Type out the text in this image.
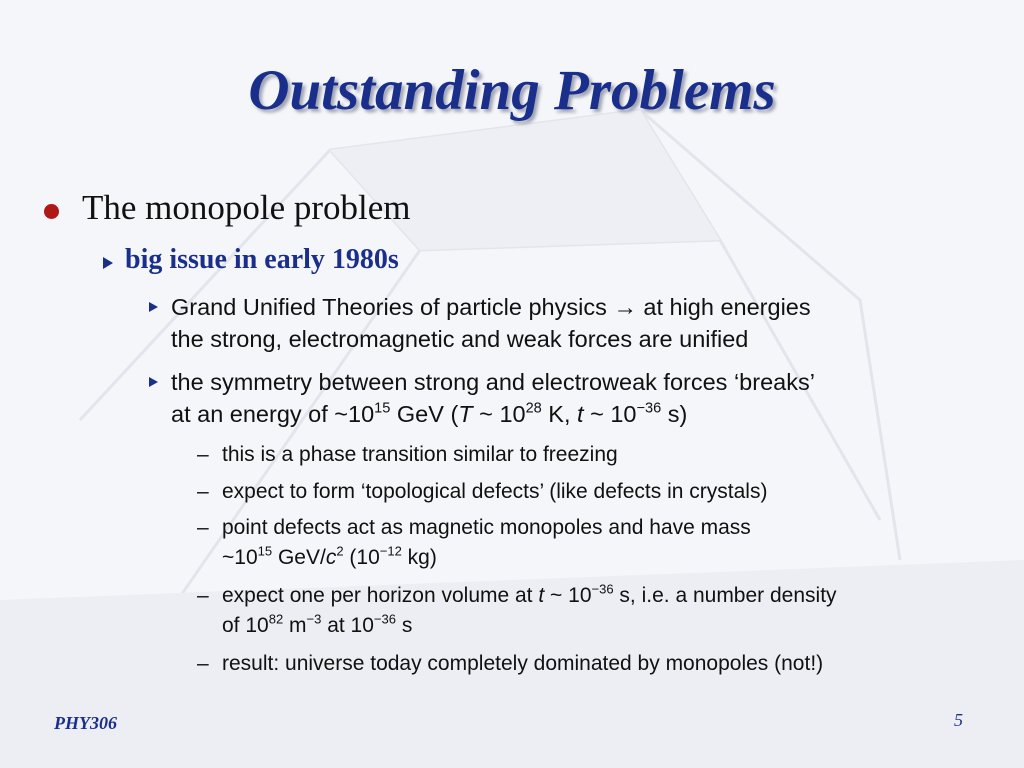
Outstanding Problems
The monopole problem
big issue in early 1980s
Grand Unified Theories of particle physics → at high energies
the strong, electromagnetic and weak forces are unified
the symmetry between strong and electroweak forces ‘breaks’
at an energy of $\sim 10^{15}$ GeV (T ~ $10^{28}$ K, t ~ $10^{-36}$ s)
– this is a phase transition similar to freezing
– expect to form ‘topological defects’ (like defects in crystals)
– point defects act as magnetic monopoles and have mass
$\sim 10^{15}$ GeV/$c^2$ ($10^{-12}$ kg)
– expect one per horizon volume at t ~ $10^{-36}$ s, i.e. a number density
of $10^{82}$ $m^{-3}$ at $10^{-36}$ s
– result: universe today completely dominated by monopoles (not!)
PHY306	5
